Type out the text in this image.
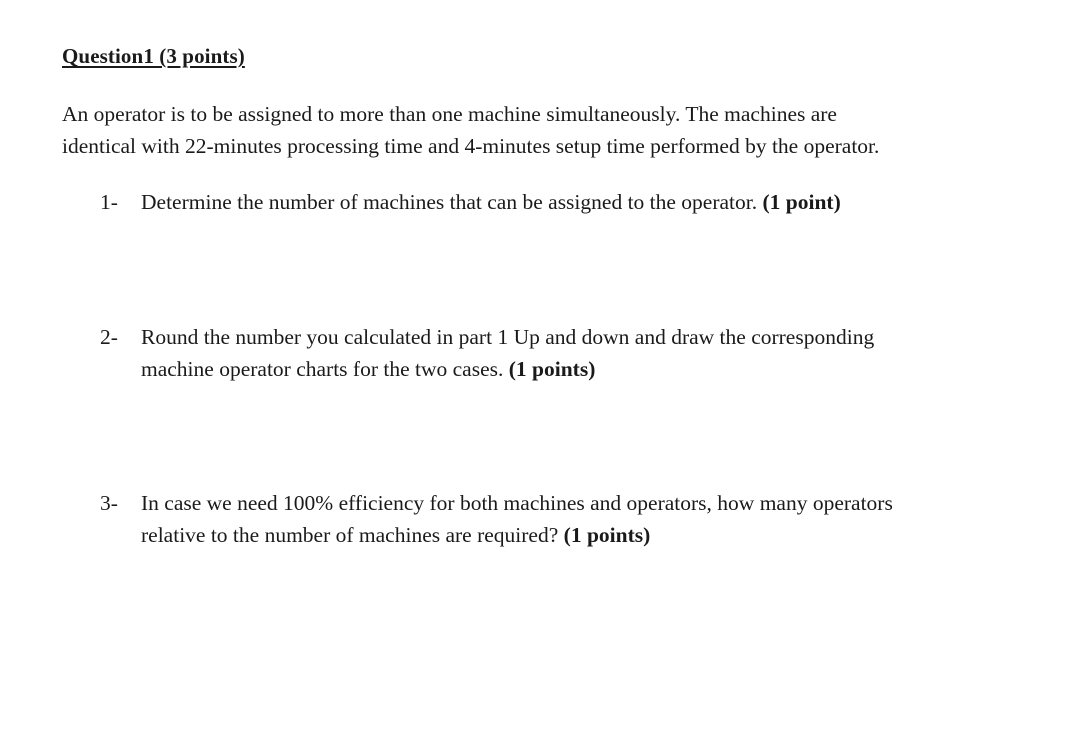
Question1 (3 points)
An operator is to be assigned to more than one machine simultaneously. The machines are
identical with 22-minutes processing time and 4-minutes setup time performed by the operator.
1- Determine the number of machines that can be assigned to the operator. (1 point)
2- Round the number you calculated in part 1 Up and down and draw the corresponding
machine operator charts for the two cases. (1 points)
3- In case we need 100% efficiency for both machines and operators, how many operators
relative to the number of machines are required? (1 points)
